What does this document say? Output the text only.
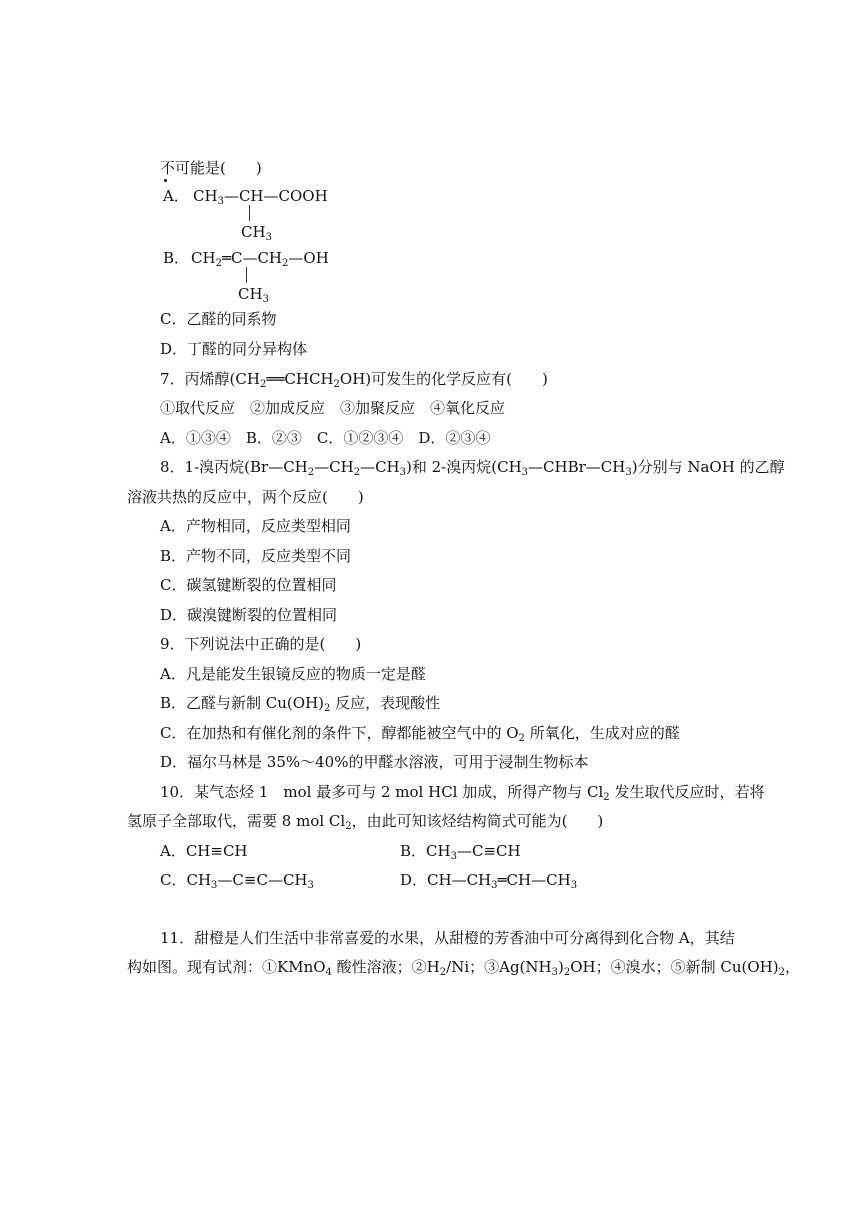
不可能是(　　)
A． $CH_3—CH—COOH$
$CH_3$
B． $CH_2═C—CH_2—OH$
$CH_3$
C．乙醛的同系物
D．丁醛的同分异构体
7．丙烯醇$(CH_2══CHCH_2OH)$可发生的化学反应有(　　)
①取代反应　②加成反应　③加聚反应　④氧化反应
A．①③④　B．②③　C．①②③④　D．②③④
8．1-溴丙烷$(Br—CH_2—CH_2—CH_3)$和 2-溴丙烷$(CH_3—CHBr—CH_3)$分别与 NaOH 的乙醇
溶液共热的反应中，两个反应(　　)
A．产物相同，反应类型相同
B．产物不同，反应类型不同
C．碳氢键断裂的位置相同
D．碳溴键断裂的位置相同
9．下列说法中正确的是(　　)
A．凡是能发生银镜反应的物质一定是醛
B．乙醛与新制 $Cu(OH)_2$ 反应，表现酸性
C．在加热和有催化剂的条件下，醇都能被空气中的 $O_2$ 所氧化，生成对应的醛
D．福尔马林是 35%～40%的甲醛水溶液，可用于浸制生物标本
10．某气态烃 1　mol 最多可与 2 mol HCl 加成，所得产物与 $Cl_2$ 发生取代反应时，若将
氢原子全部取代，需要 8 mol $Cl_2$，由此可知该烃结构简式可能为(　　)
A．CH≡CH	B．$CH_3—C\equiv CH$
C．$CH_3—C\equiv C—CH_3$	D．$CH—CH_3═CH—CH_3$
11．甜橙是人们生活中非常喜爱的水果，从甜橙的芳香油中可分离得到化合物 A，其结
构如图。现有试剂：①KMnO$_4$ 酸性溶液；$②H_2/Ni$；$③Ag(NH_3)_2OH$；④溴水；⑤新制 $Cu(OH)_2$，
